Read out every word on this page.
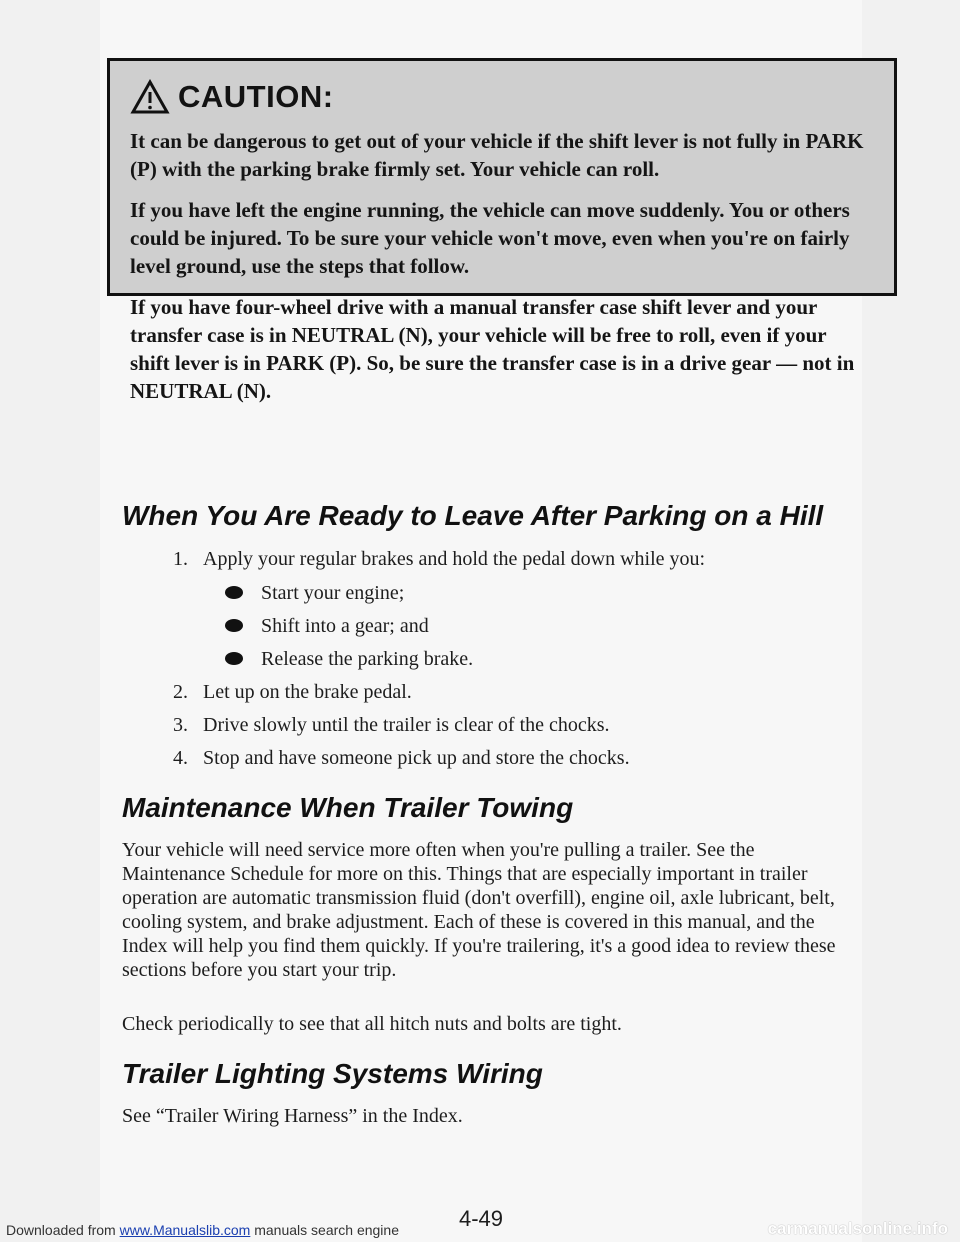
CAUTION:

It can be dangerous to get out of your vehicle if the shift lever is not fully in PARK (P) with the parking brake firmly set. Your vehicle can roll.

If you have left the engine running, the vehicle can move suddenly. You or others could be injured. To be sure your vehicle won't move, even when you're on fairly level ground, use the steps that follow.

If you have four-wheel drive with a manual transfer case shift lever and your transfer case is in NEUTRAL (N), your vehicle will be free to roll, even if your shift lever is in PARK (P). So, be sure the transfer case is in a drive gear — not in NEUTRAL (N).

When You Are Ready to Leave After Parking on a Hill
1. Apply your regular brakes and hold the pedal down while you:
Start your engine;
Shift into a gear; and
Release the parking brake.
2. Let up on the brake pedal.
3. Drive slowly until the trailer is clear of the chocks.
4. Stop and have someone pick up and store the chocks.
Maintenance When Trailer Towing
Your vehicle will need service more often when you're pulling a trailer. See the Maintenance Schedule for more on this. Things that are especially important in trailer operation are automatic transmission fluid (don't overfill), engine oil, axle lubricant, belt, cooling system, and brake adjustment. Each of these is covered in this manual, and the Index will help you find them quickly. If you're trailering, it's a good idea to review these sections before you start your trip.
Check periodically to see that all hitch nuts and bolts are tight.
Trailer Lighting Systems Wiring
See “Trailer Wiring Harness” in the Index.
4-49
Downloaded from www.Manualslib.com manuals search engine	carmanualsonline.info
